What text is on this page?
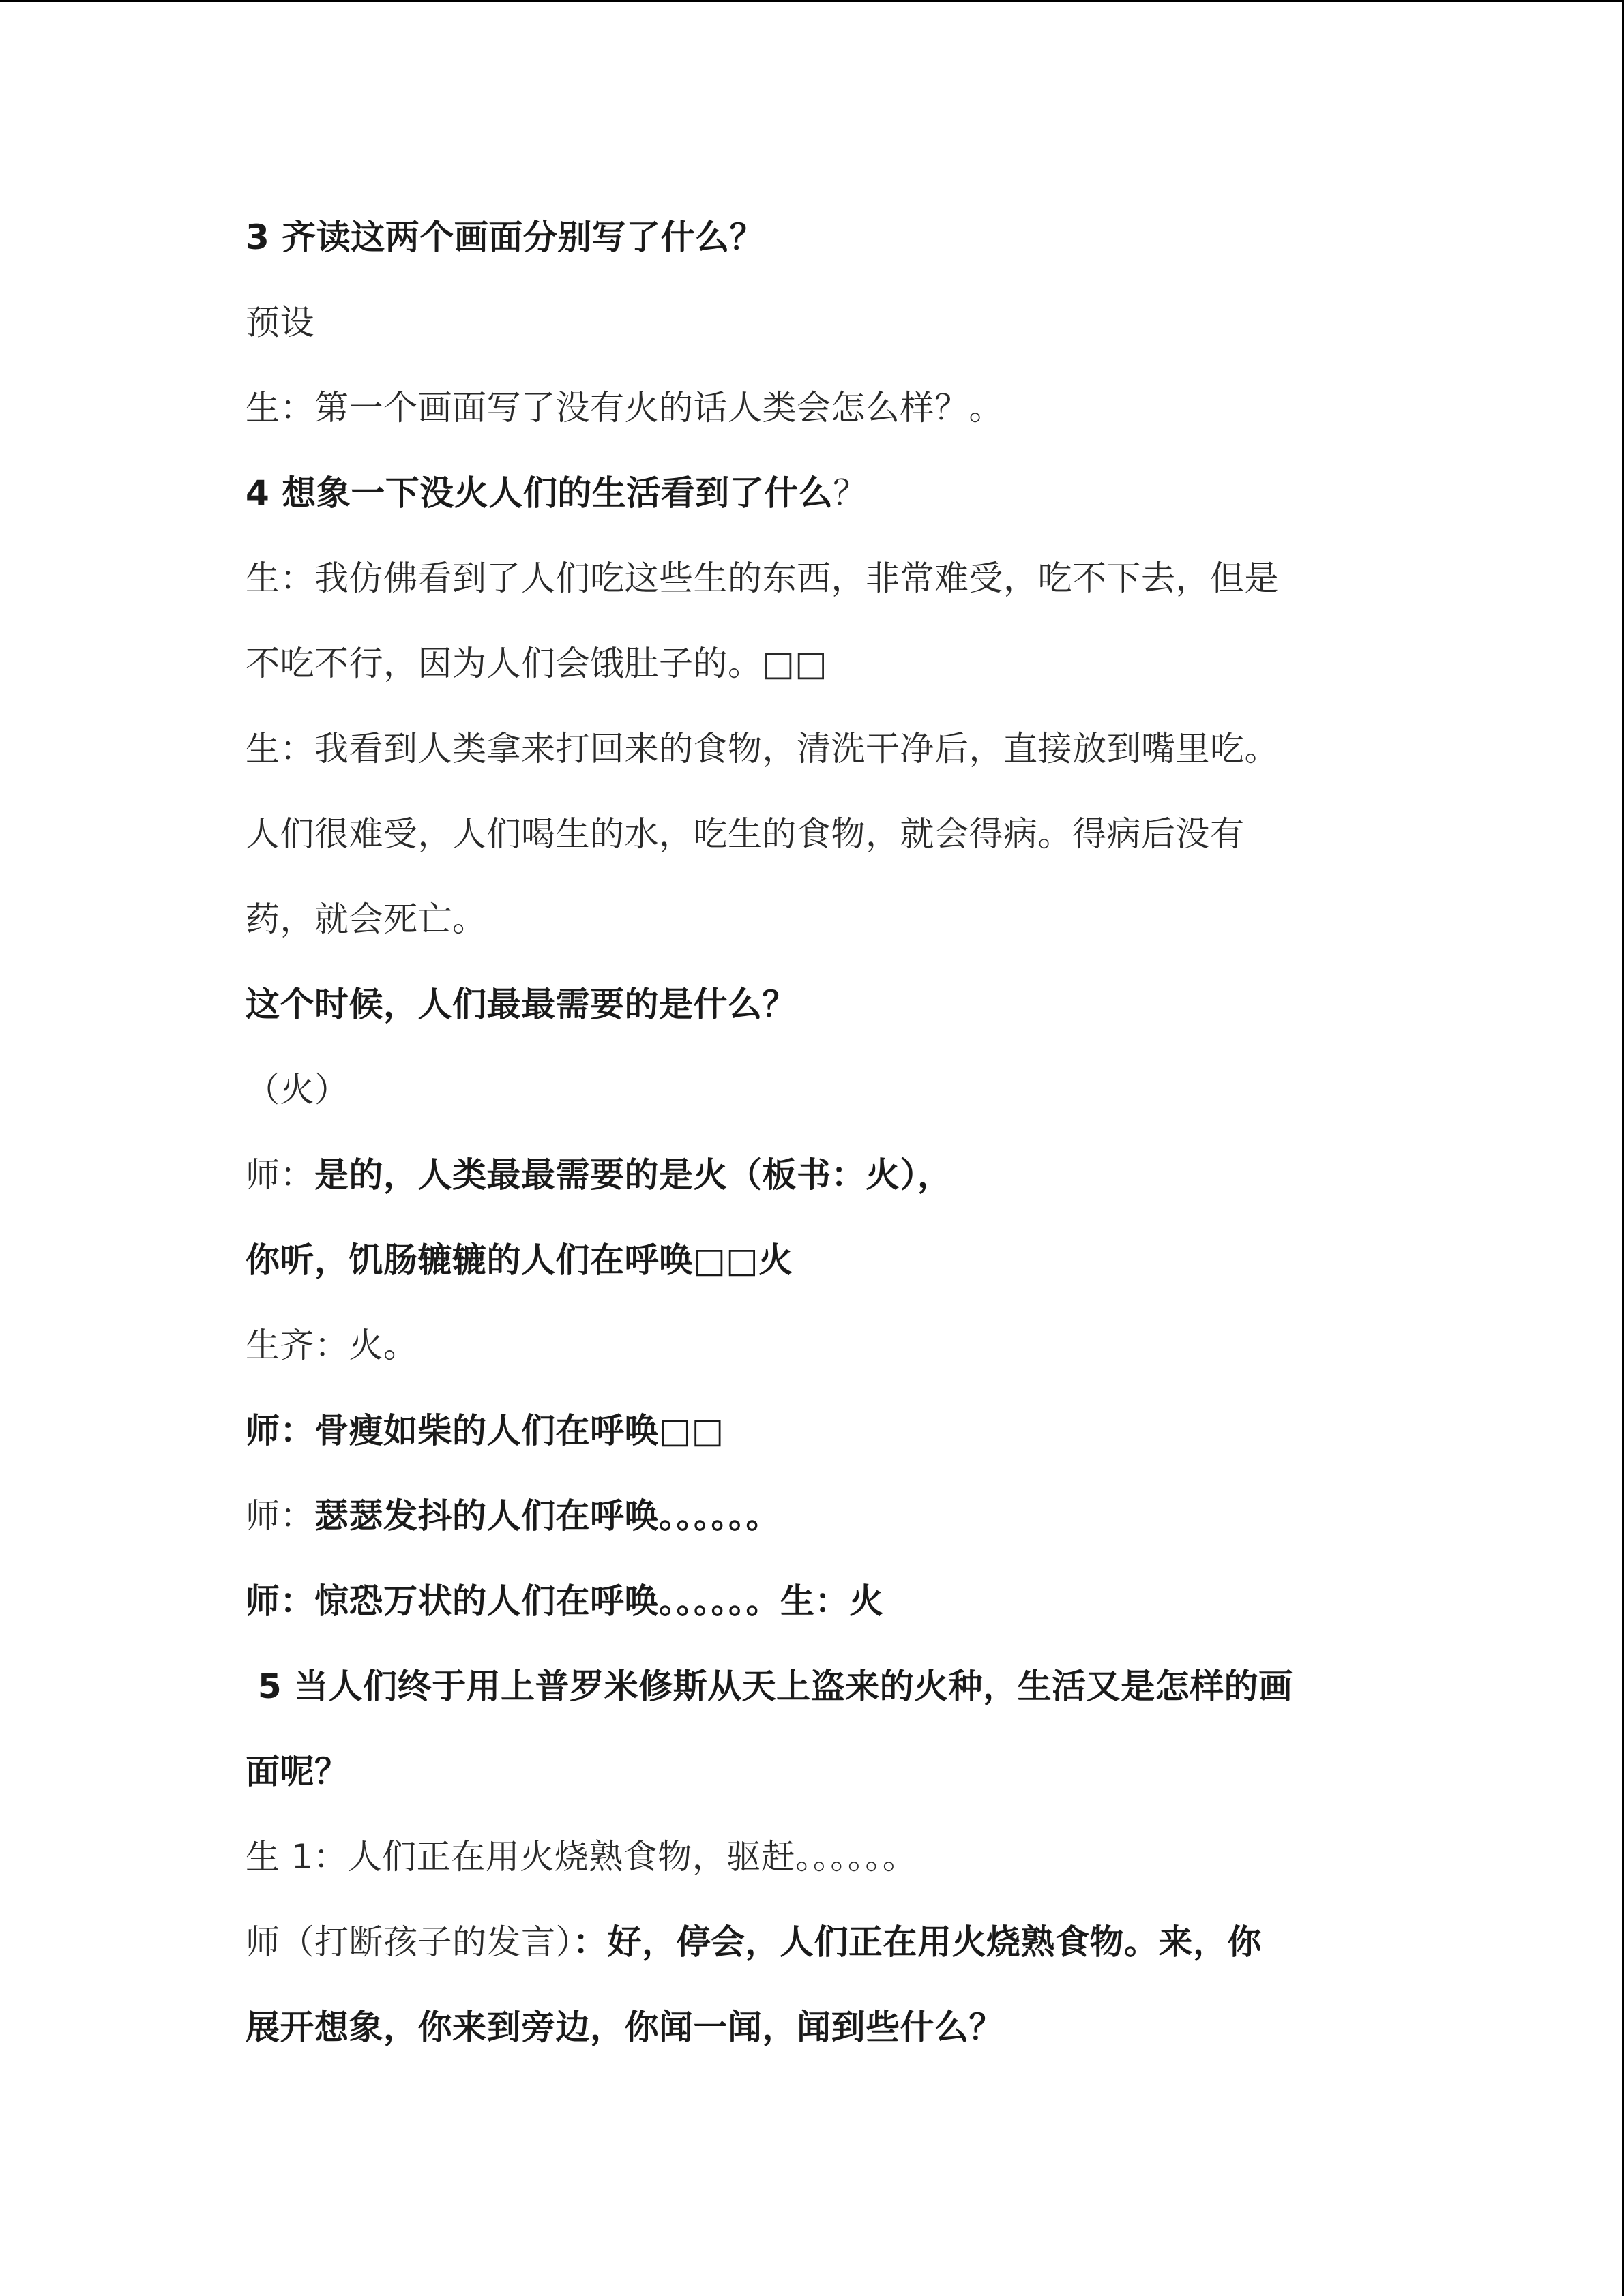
3 齐读这两个画面分别写了什么？
预设
生：第一个画面写了没有火的话人类会怎么样？。
4 想象一下没火人们的生活看到了什么？
生：我仿佛看到了人们吃这些生的东西，非常难受，吃不下去，但是
不吃不行，因为人们会饿肚子的。□□
生：我看到人类拿来打回来的食物，清洗干净后，直接放到嘴里吃。
人们很难受，人们喝生的水，吃生的食物，就会得病。得病后没有
药，就会死亡。
这个时候，人们最最需要的是什么？
（火）
师：是的，人类最最需要的是火（板书：火），
你听，饥肠辘辘的人们在呼唤□□火
生齐：火。
师：骨瘦如柴的人们在呼唤□□
师：瑟瑟发抖的人们在呼唤。。。。。。
师：惊恐万状的人们在呼唤。。。。。。生：火
5 当人们终于用上普罗米修斯从天上盗来的火种，生活又是怎样的画
面呢？
生 1：人们正在用火烧熟食物，驱赶。。。。。。
师（打断孩子的发言）：好，停会，人们正在用火烧熟食物。来，你
展开想象，你来到旁边，你闻一闻，闻到些什么？
